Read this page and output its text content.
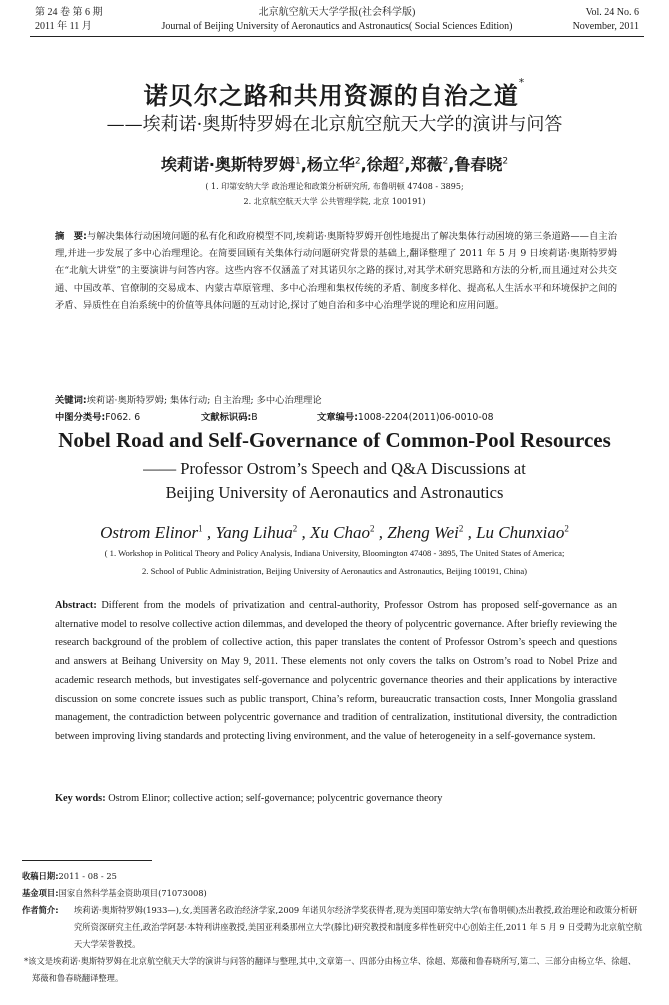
第 24 卷 第 6 期	北京航空航天大学学报(社会科学版)	Vol. 24 No. 6
2011 年 11 月	Journal of Beijing University of Aeronautics and Astronautics( Social Sciences Edition)	November, 2011
诺贝尔之路和共用资源的自治之道*
——埃莉诺·奥斯特罗姆在北京航空航天大学的演讲与问答
埃莉诺·奥斯特罗姆$^1$,杨立华$^2$,徐超$^2$,郑薇$^2$,鲁春晓$^2$
( 1. 印第安纳大学 政治理论和政策分析研究所, 布鲁明顿 47408 - 3895;
2. 北京航空航天大学 公共管理学院, 北京 100191)
摘　要:与解决集体行动困境问题的私有化和政府模型不同,埃莉诺·奥斯特罗姆开创性地提出了解决集体行动困境的第三条道路——自主治理,并进一步发展了多中心治理理论。在简要回顾有关集体行动问题研究背景的基础上,翻译整理了 2011 年 5 月 9 日埃莉诺·奥斯特罗姆在“北航大讲堂”的主要演讲与问答内容。这些内容不仅涵盖了对其诺贝尔之路的探讨,对其学术研究思路和方法的分析,而且通过对公共交通、中国改革、官僚制的交易成本、内蒙古草原管理、多中心治理和集权传统的矛盾、制度多样化、提高私人生活水平和环境保护之间的矛盾、异质性在自治系统中的价值等具体问题的互动讨论,探讨了她自治和多中心治理学说的理论和应用问题。
关键词:埃莉诺·奥斯特罗姆; 集体行动; 自主治理; 多中心治理理论
中图分类号:F062. 6	文献标识码:B	文章编号:1008-2204(2011)06-0010-08
Nobel Road and Self-Governance of Common-Pool Resources
—— Professor Ostrom’s Speech and Q&A Discussions at
Beijing University of Aeronautics and Astronautics
Ostrom Elinor$^1$ , Yang Lihua$^2$ , Xu Chao$^2$ , Zheng Wei$^2$ , Lu Chunxiao$^2$
( 1. Workshop in Political Theory and Policy Analysis, Indiana University, Bloomington 47408 - 3895, The United States of America;
2. School of Public Administration, Beijing University of Aeronautics and Astronautics, Beijing 100191, China)
Abstract: Different from the models of privatization and central-authority, Professor Ostrom has proposed self-governance as an alternative model to resolve collective action dilemmas, and developed the theory of polycentric governance. After briefly reviewing the research background of the problem of collective action, this paper translates the content of Professor Ostrom’s speech and questions and answers at Beihang University on May 9, 2011. These elements not only covers the talks on Ostrom’s road to Nobel Prize and academic research methods, but investigates self-governance and polycentric governance theories and their applications by interactive discussion on some concrete issues such as public transport, China’s reform, bureaucratic transaction costs, Inner Mongolia grassland management, the contradiction between polycentric governance and tradition of centralization, institutional diversity, the contradiction between improving living standards and protecting living environment, and the value of heterogeneity in a self-governance system.
Key words: Ostrom Elinor; collective action; self-governance; polycentric governance theory
收稿日期:2011 - 08 - 25
基金项目:国家自然科学基金资助项目(71073008)
作者简介: 埃莉诺·奥斯特罗姆(1933—),女,美国著名政治经济学家,2009 年诺贝尔经济学奖获得者,现为美国印第安纳大学(布鲁明顿)杰出教授,政治理论和政策分析研究所资深研究主任,政治学阿瑟·本特利讲座教授,美国亚利桑那州立大学(滕比)研究教授和制度多样性研究中心创始主任,2011 年 5 月 9 日受聘为北京航空航天大学荣誉教授。
*该文是埃莉诺·奥斯特罗姆在北京航空航天大学的演讲与问答的翻译与整理,其中,文章第一、四部分由杨立华、徐超、郑薇和鲁春晓所写,第二、三部分由杨立华、徐超、郑薇和鲁春晓翻译整理。
